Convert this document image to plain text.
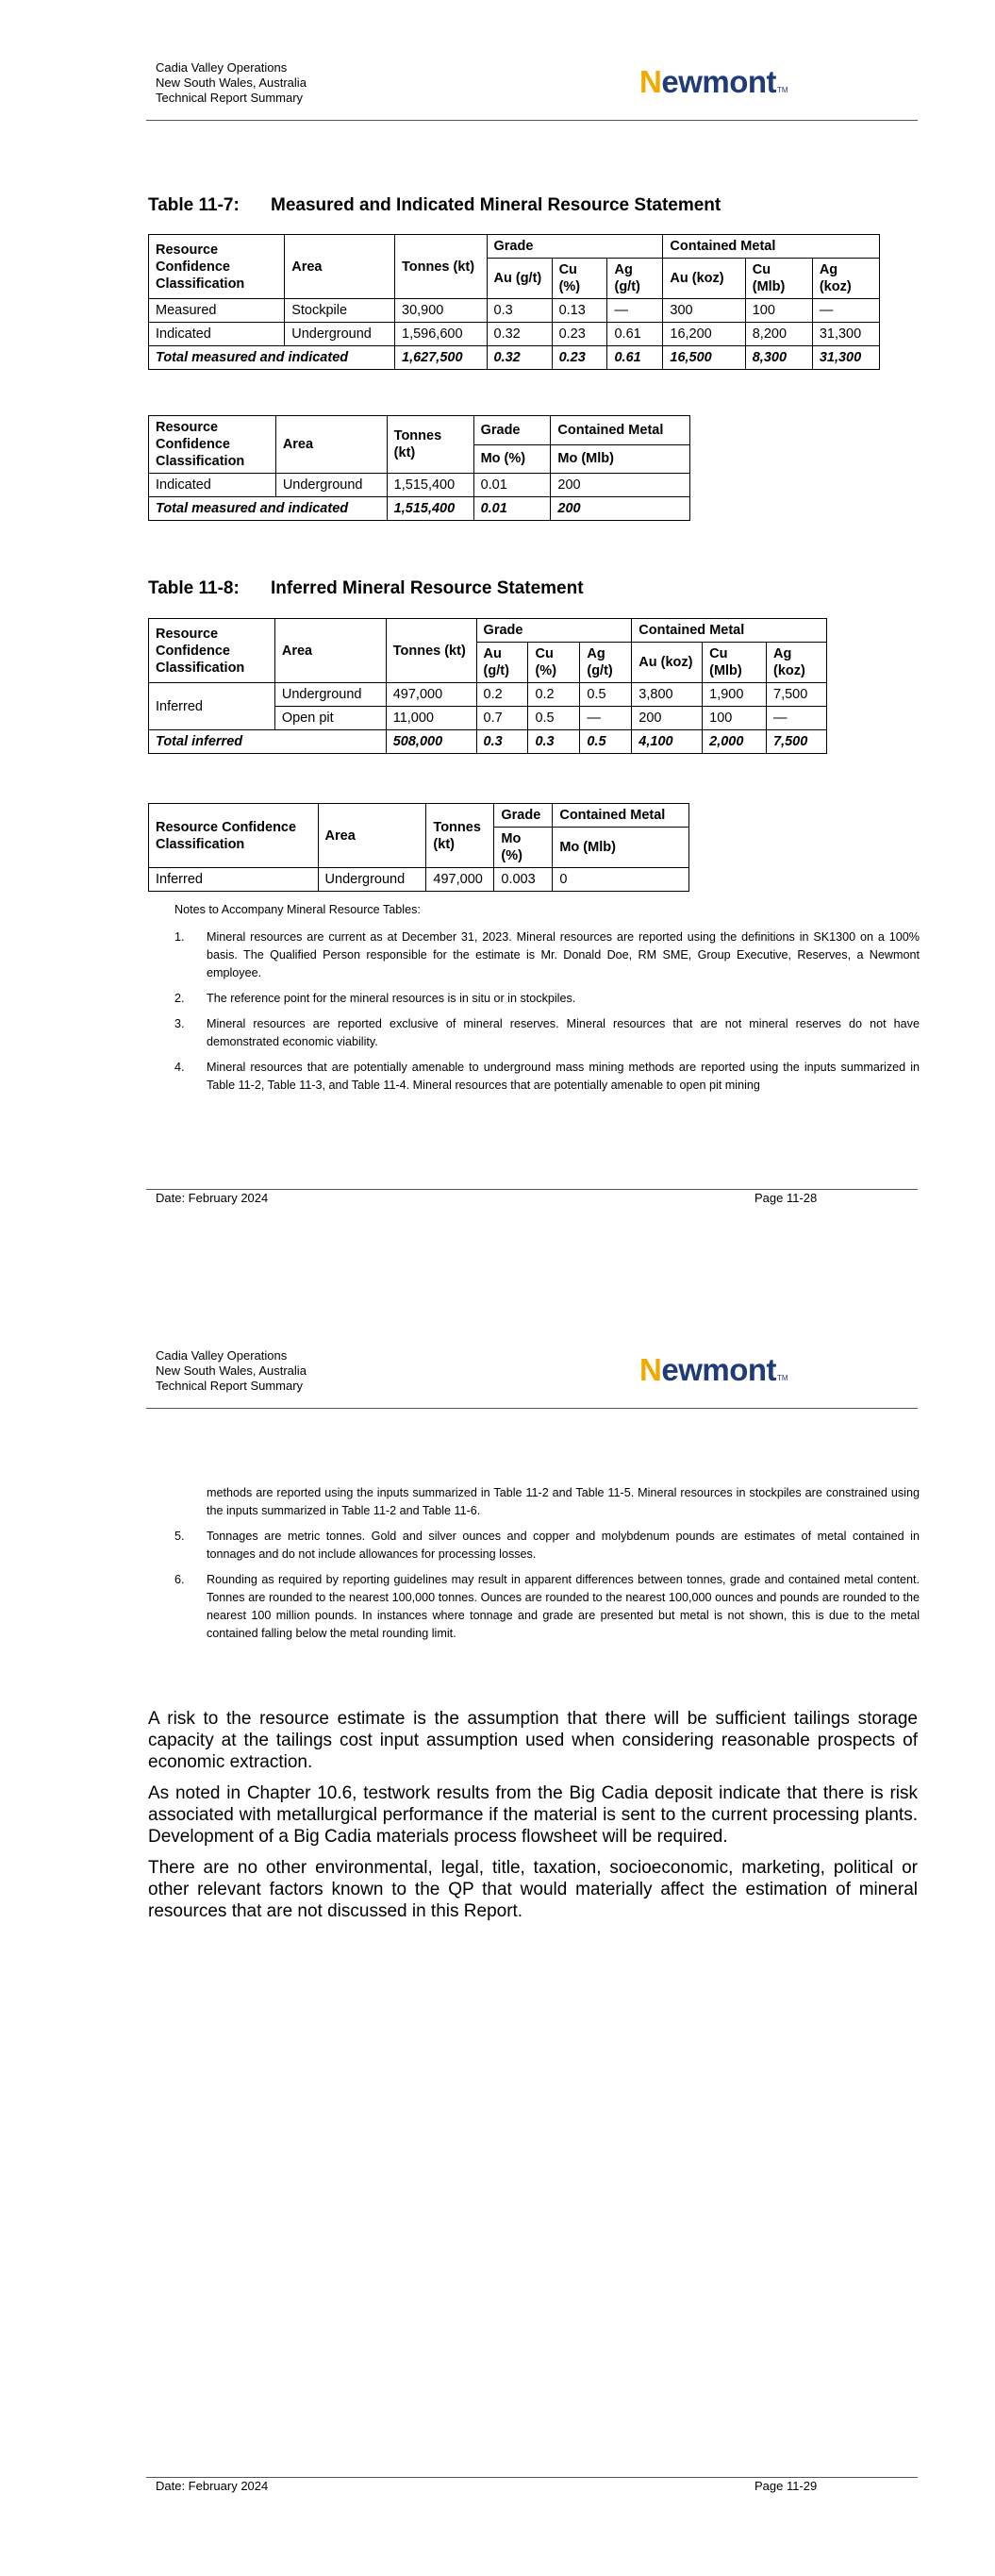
Cadia Valley Operations
New South Wales, Australia
Technical Report Summary	Newmont TM
Table 11-7: Measured and Indicated Mineral Resource Statement
Resource Confidence Classification	Area	Tonnes (kt)	Grade			Contained Metal		
			Au (g/t)	Cu (%)	Ag (g/t)	Au (koz)	Cu (Mlb)	Ag (koz)
Measured	Stockpile	30,900	0.3	0.13	—	300	100	—
Indicated	Underground	1,596,600	0.32	0.23	0.61	16,200	8,200	31,300
Total measured and indicated		1,627,500	0.32	0.23	0.61	16,500	8,300	31,300
Resource Confidence Classification	Area	Tonnes (kt)	Grade	Contained Metal
			Mo (%)	Mo (Mlb)
Indicated	Underground	1,515,400	0.01	200
Total measured and indicated		1,515,400	0.01	200
Table 11-8: Inferred Mineral Resource Statement
Resource Confidence Classification	Area	Tonnes (kt)	Grade			Contained Metal		
			Au (g/t)	Cu (%)	Ag (g/t)	Au (koz)	Cu (Mlb)	Ag (koz)
Inferred	Underground	497,000	0.2	0.2	0.5	3,800	1,900	7,500
	Open pit	11,000	0.7	0.5	—	200	100	—
Total inferred		508,000	0.3	0.3	0.5	4,100	2,000	7,500
Resource Confidence Classification	Area	Tonnes (kt)	Grade	Contained Metal
			Mo (%)	Mo (Mlb)
Inferred	Underground	497,000	0.003	0
Notes to Accompany Mineral Resource Tables:
1.	Mineral resources are current as at December 31, 2023. Mineral resources are reported using the definitions in SK1300 on a 100% basis. The Qualified Person responsible for the estimate is Mr. Donald Doe, RM SME, Group Executive, Reserves, a Newmont employee.
2.	The reference point for the mineral resources is in situ or in stockpiles.
3.	Mineral resources are reported exclusive of mineral reserves. Mineral resources that are not mineral reserves do not have demonstrated economic viability.
4.	Mineral resources that are potentially amenable to underground mass mining methods are reported using the inputs summarized in Table 11-2, Table 11-3, and Table 11-4. Mineral resources that are potentially amenable to open pit mining
Date: February 2024	Page 11-28
Cadia Valley Operations
New South Wales, Australia
Technical Report Summary	Newmont TM
methods are reported using the inputs summarized in Table 11-2 and Table 11-5. Mineral resources in stockpiles are constrained using the inputs summarized in Table 11-2 and Table 11-6.
5.	Tonnages are metric tonnes. Gold and silver ounces and copper and molybdenum pounds are estimates of metal contained in tonnages and do not include allowances for processing losses.
6.	Rounding as required by reporting guidelines may result in apparent differences between tonnes, grade and contained metal content. Tonnes are rounded to the nearest 100,000 tonnes. Ounces are rounded to the nearest 100,000 ounces and pounds are rounded to the nearest 100 million pounds. In instances where tonnage and grade are presented but metal is not shown, this is due to the metal contained falling below the metal rounding limit.

A risk to the resource estimate is the assumption that there will be sufficient tailings storage capacity at the tailings cost input assumption used when considering reasonable prospects of economic extraction.

As noted in Chapter 10.6, testwork results from the Big Cadia deposit indicate that there is risk associated with metallurgical performance if the material is sent to the current processing plants. Development of a Big Cadia materials process flowsheet will be required.

There are no other environmental, legal, title, taxation, socioeconomic, marketing, political or other relevant factors known to the QP that would materially affect the estimation of mineral resources that are not discussed in this Report.

Date: February 2024	Page 11-29
